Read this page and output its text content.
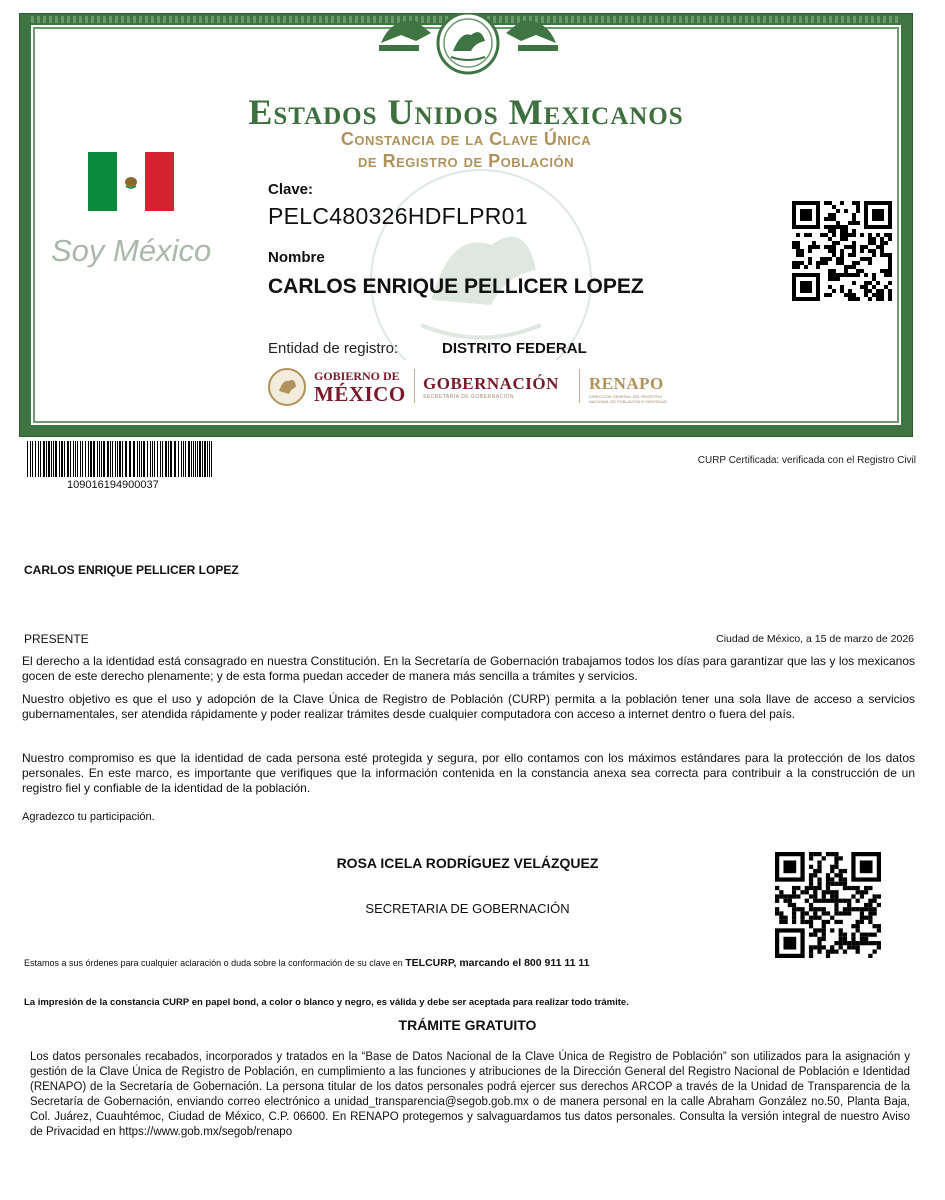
Estados Unidos Mexicanos
Constancia de la Clave Única
de Registro de Población
Soy México
Clave:
PELC480326HDFLPR01
Nombre
CARLOS ENRIQUE PELLICER LOPEZ
Entidad de registro:	DISTRITO FEDERAL
GOBIERNO DE
MÉXICO GOBERNACIÓN
SECRETARÍA DE GOBERNACIÓN
RENAPO
DIRECCIÓN GENERAL DEL REGISTRO NACIONAL DE POBLACIÓN E IDENTIDAD
109016194900037
CURP Certificada: verificada con el Registro Civil
CARLOS ENRIQUE PELLICER LOPEZ
PRESENTE	Ciudad de México, a 15 de marzo de 2026
El derecho a la identidad está consagrado en nuestra Constitución. En la Secretaría de Gobernación trabajamos todos los días para garantizar que las y los mexicanos gocen de este derecho plenamente; y de esta forma puedan acceder de manera más sencilla a trámites y servicios.
Nuestro objetivo es que el uso y adopción de la Clave Única de Registro de Población (CURP) permita a la población tener una sola llave de acceso a servicios gubernamentales, ser atendida rápidamente y poder realizar trámites desde cualquier computadora con acceso a internet dentro o fuera del país.
Nuestro compromiso es que la identidad de cada persona esté protegida y segura, por ello contamos con los máximos estándares para la protección de los datos personales. En este marco, es importante que verifiques que la información contenida en la constancia anexa sea correcta para contribuir a la construcción de un registro fiel y confiable de la identidad de la población.
Agradezco tu participación.
ROSA ICELA RODRÍGUEZ VELÁZQUEZ
SECRETARIA DE GOBERNACIÓN
Estamos a sus órdenes para cualquier aclaración o duda sobre la conformación de su clave en TELCURP, marcando el 800 911 11 11
La impresión de la constancia CURP en papel bond, a color o blanco y negro, es válida y debe ser aceptada para realizar todo trámite.
TRÁMITE GRATUITO
Los datos personales recabados, incorporados y tratados en la “Base de Datos Nacional de la Clave Única de Registro de Población” son utilizados para la asignación y gestión de la Clave Única de Registro de Población, en cumplimiento a las funciones y atribuciones de la Dirección General del Registro Nacional de Población e Identidad (RENAPO) de la Secretaría de Gobernación. La persona titular de los datos personales podrá ejercer sus derechos ARCOP a través de la Unidad de Transparencia de la Secretaría de Gobernación, enviando correo electrónico a unidad_transparencia@segob.gob.mx o de manera personal en la calle Abraham González no.50, Planta Baja, Col. Juárez, Cuauhtémoc, Ciudad de México, C.P. 06600. En RENAPO protegemos y salvaguardamos tus datos personales. Consulta la versión integral de nuestro Aviso de Privacidad en https://www.gob.mx/segob/renapo
